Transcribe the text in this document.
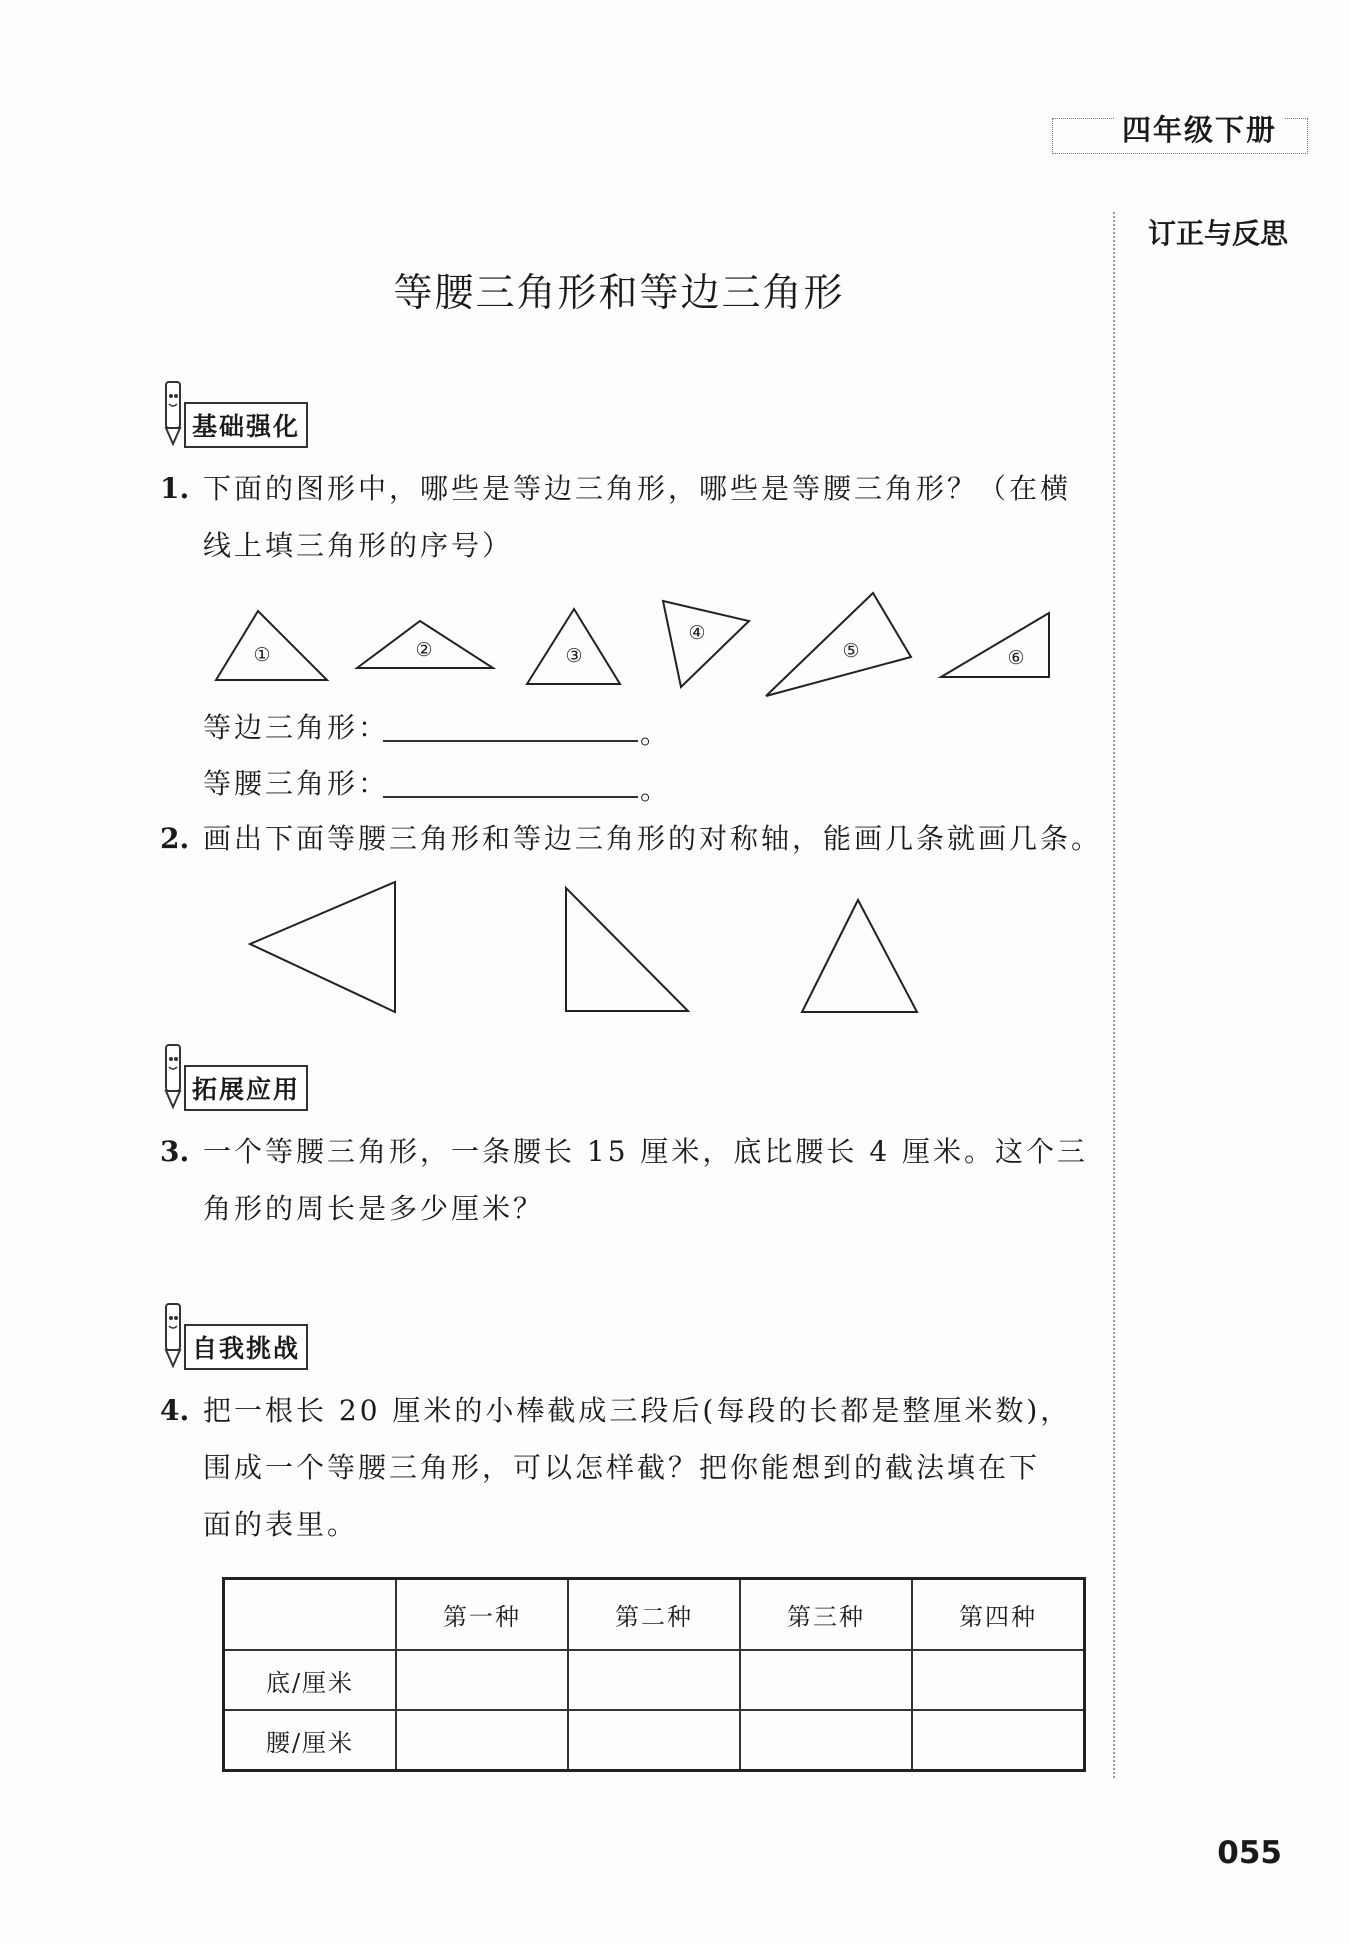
四年级下册
订正与反思
等腰三角形和等边三角形
基础强化
1. 下面的图形中，哪些是等边三角形，哪些是等腰三角形？（在横
线上填三角形的序号）
①	②	③
④
⑤	⑥
等边三角形：	。
等腰三角形：	。
2. 画出下面等腰三角形和等边三角形的对称轴，能画几条就画几条。
拓展应用
3. 一个等腰三角形，一条腰长 15 厘米，底比腰长 4 厘米。这个三
角形的周长是多少厘米？
自我挑战
4. 把一根长 20 厘米的小棒截成三段后(每段的长都是整厘米数)，
围成一个等腰三角形，可以怎样截？把你能想到的截法填在下
面的表里。
	第一种	第二种	第三种	第四种
底/厘米				
腰/厘米				
055
